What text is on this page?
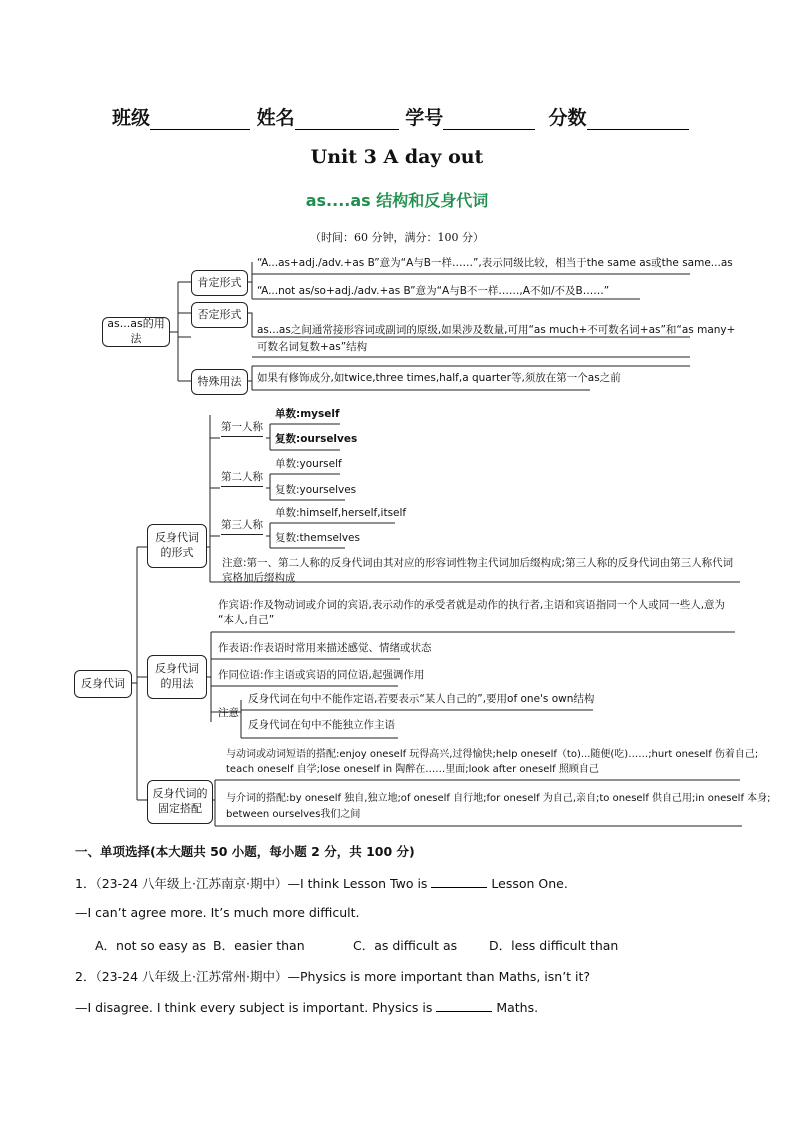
班级	姓名	学号	分数
Unit 3 A day out
as....as 结构和反身代词
（时间：60 分钟，满分：100 分）
as...as的用法
肯定形式
否定形式
特殊用法
“A...as+adj./adv.+as B”意为“A与B一样……”,表示同级比较，相当于the same as或the same...as
“A...not as/so+adj./adv.+as B”意为“A与B不一样……,A不如/不及B……”
as...as之间通常接形容词或副词的原级,如果涉及数量,可用“as much+不可数名词+as”和“as many+
可数名词复数+as”结构
如果有修饰成分,如twice,three times,half,a quarter等,须放在第一个as之前
反身代词
反身代词
的形式
反身代词
的用法
反身代词的
固定搭配
第一人称
第二人称
第三人称
单数:myself
复数:ourselves
单数:yourself
复数:yourselves
单数:himself,herself,itself
复数:themselves
注意:第一、第二人称的反身代词由其对应的形容词性物主代词加后缀构成;第三人称的反身代词由第三人称代词
宾格加后缀构成
作宾语:作及物动词或介词的宾语,表示动作的承受者就是动作的执行者,主语和宾语指同一个人或同一些人,意为
“本人,自己”
作表语:作表语时常用来描述感觉、情绪或状态
作同位语:作主语或宾语的同位语,起强调作用
注意
反身代词在句中不能作定语,若要表示“某人自己的”,要用of one's own结构
反身代词在句中不能独立作主语
与动词或动词短语的搭配:enjoy oneself 玩得高兴,过得愉快;help oneself（to)...随便(吃)……;hurt oneself 伤着自己;
teach oneself 自学;lose oneself in 陶醉在……里面;look after oneself 照顾自己
与介词的搭配:by oneself 独自,独立地;of oneself 自行地;for oneself 为自己,亲自;to oneself 供自己用;in oneself 本身;
between ourselves我们之间
一、单项选择(本大题共 50 小题，每小题 2 分，共 100 分)
1．（23-24 八年级上·江苏南京·期中）—I think Lesson Two is	Lesson One.
—I can’t agree more. It’s much more difficult.
A．not so easy as B．easier than	C．as difficult as	D．less difficult than
2．（23-24 八年级上·江苏常州·期中）—Physics is more important than Maths, isn’t it?
—I disagree. I think every subject is important. Physics is	Maths.
